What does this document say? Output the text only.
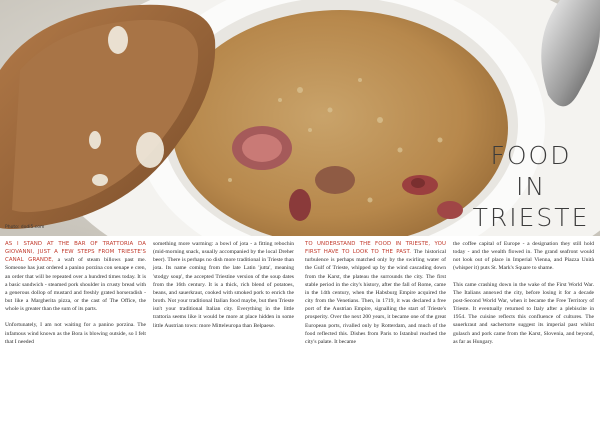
Photo: dodi5.com
FOOD
IN
TRIESTE

AS I STAND AT THE BAR OF TRATTORIA DA GIOVANNI, JUST A FEW STEPS FROM TRIESTE'S CANAL GRANDE, a waft of steam billows past me. Someone has just ordered a panino porzina con senape e cren, an order that will be repeated over a hundred times today. It is a basic sandwich - steamed pork shoulder in crusty bread with a generous dollop of mustard and freshly grated horseradish - but like a Margherita pizza, or the cast of The Office, the whole is greater than the sum of its parts.

Unfortunately, I am not waiting for a panino porzina. The infamous wind known as the Bora is blowing outside, so I felt that I needed

something more warming: a bowl of jota - a fitting rebochin (mid-morning snack, usually accompanied by the local Dreher beer). There is perhaps no dish more traditional in Trieste than jota. Its name coming from the late Latin 'jutta', meaning 'stodgy soup', the accepted Triestine version of the soup dates from the 16th century. It is a thick, rich blend of potatoes, beans, and sauerkraut, cooked with smoked pork to enrich the broth. Not your traditional Italian food maybe, but then Trieste isn't your traditional Italian city. Everything in the little trattoria seems like it would be more at place hidden in some little Austrian town: more Mitteleuropa than Belpaese.

TO UNDERSTAND THE FOOD IN TRIESTE, YOU FIRST HAVE TO LOOK TO THE PAST. The historical turbulence is perhaps matched only by the swirling water of the Gulf of Trieste, whipped up by the wind cascading down from the Karst, the plateau the surrounds the city. The first stable period in the city's history, after the fall of Rome, came in the 14th century, when the Habsburg Empire acquired the city from the Venetians. Then, in 1719, it was declared a free port of the Austrian Empire, signalling the start of Trieste's prosperity. Over the next 200 years, it became one of the great European ports, rivalled only by Rotterdam, and much of the food reflected this. Dishes from Paris to Istanbul reached the city's palate. It became

the coffee capital of Europe - a designation they still hold today - and the wealth flowed in. The grand seafront would not look out of place in Imperial Vienna, and Piazza Unità (whisper it) puts St. Mark's Square to shame.

This came crashing down in the wake of the First World War. The Italians annexed the city, before losing it for a decade post-Second World War, when it became the Free Territory of Trieste. It eventually returned to Italy after a plebiscite in 1954. The cuisine reflects this confluence of cultures. The sauerkraut and sachertorte suggest its imperial past whilst gulasch and pork came from the Karst, Slovenia, and beyond, as far as Hungary.
